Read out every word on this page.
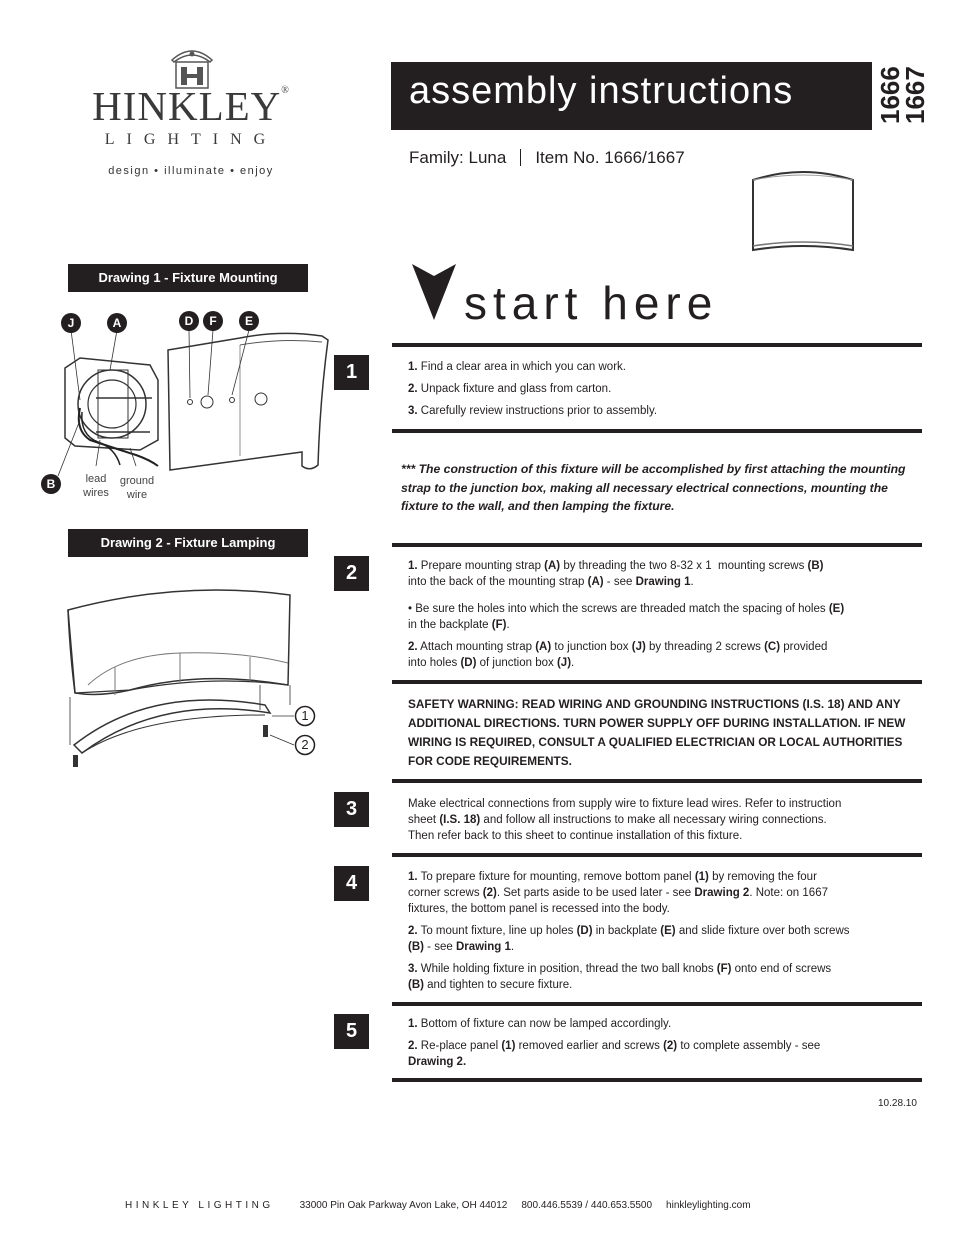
HINKLEY®
LIGHTING
design • illuminate • enjoy
assembly instructions	1666
1667
Family: Luna Item No. 1666/1667
start here
Drawing 1 - Fixture Mounting
J	A	D	F	E
B	lead wires
ground wire
Drawing 2 - Fixture Lamping
1
2
1	1. Find a clear area in which you can work.

2. Unpack fixture and glass from carton.

3. Carefully review instructions prior to assembly.

*** The construction of this fixture will be accomplished by first attaching the mounting strap to the junction box, making all necessary electrical connections, mounting the fixture to the wall, and then lamping the fixture.
2	1. Prepare mounting strap (A) by threading the two 8-32 x 1  mounting screws (B)
into the back of the mounting strap (A) - see Drawing 1.

• Be sure the holes into which the screws are threaded match the spacing of holes (E)
in the backplate (F).

2. Attach mounting strap (A) to junction box (J) by threading 2 screws (C) provided
into holes (D) of junction box (J).

SAFETY WARNING: READ WIRING AND GROUNDING INSTRUCTIONS (I.S. 18) AND ANY ADDITIONAL DIRECTIONS. TURN POWER SUPPLY OFF DURING INSTALLATION. IF NEW WIRING IS REQUIRED, CONSULT A QUALIFIED ELECTRICIAN OR LOCAL AUTHORITIES FOR CODE REQUIREMENTS.
3	Make electrical connections from supply wire to fixture lead wires. Refer to instruction
sheet (I.S. 18) and follow all instructions to make all necessary wiring connections.
Then refer back to this sheet to continue installation of this fixture.

4	1. To prepare fixture for mounting, remove bottom panel (1) by removing the four
corner screws (2). Set parts aside to be used later - see Drawing 2. Note: on 1667
fixtures, the bottom panel is recessed into the body.

2. To mount fixture, line up holes (D) in backplate (E) and slide fixture over both screws
(B) - see Drawing 1.

3. While holding fixture in position, thread the two ball knobs (F) onto end of screws
(B) and tighten to secure fixture.

5	1. Bottom of fixture can now be lamped accordingly.

2. Re-place panel (1) removed earlier and screws (2) to complete assembly - see
Drawing 2.

10.28.10
HINKLEY LIGHTING	33000 Pin Oak Parkway Avon Lake, OH 44012 800.446.5539 / 440.653.5500 hinkleylighting.com
